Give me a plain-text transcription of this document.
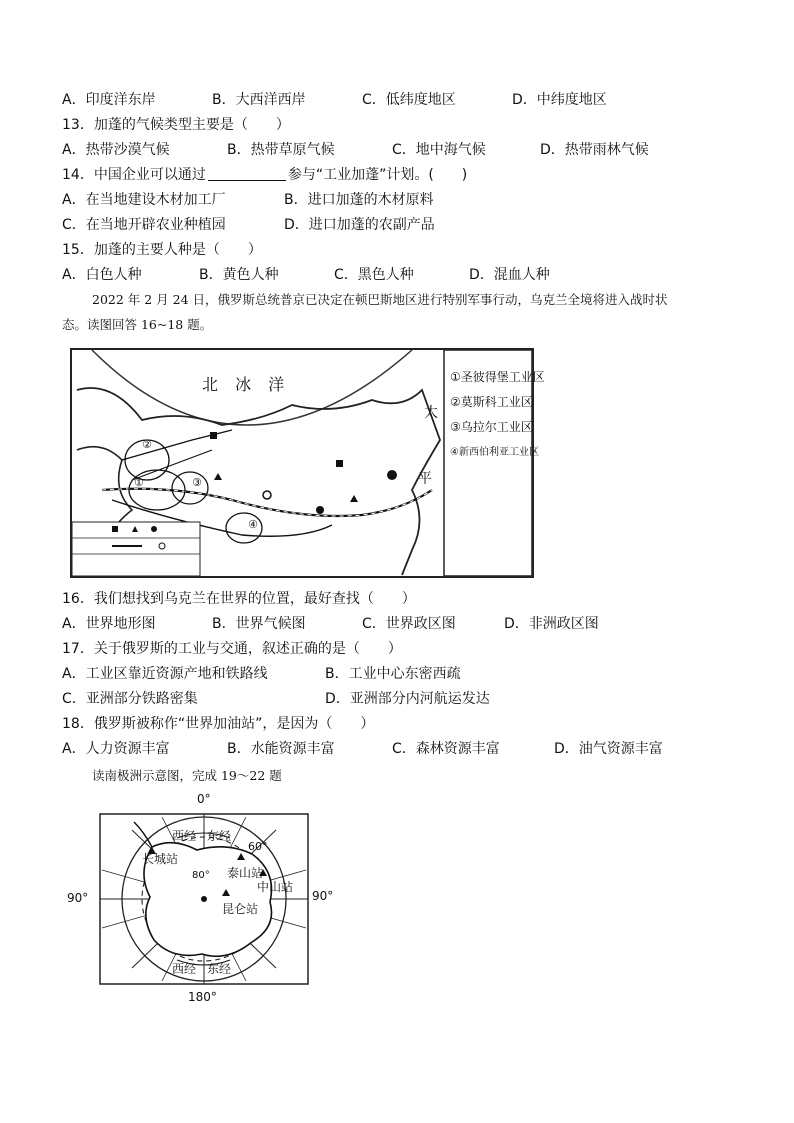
A．印度洋东岸	B．大西洋西岸	C．低纬度地区	D．中纬度地区
13．加蓬的气候类型主要是（　　）
A．热带沙漠气候	B．热带草原气候	C．地中海气候	D．热带雨林气候
14．中国企业可以通过	参与“工业加蓬”计划。(　　)
A．在当地建设木材加工厂	B．进口加蓬的木材原料
C．在当地开辟农业种植园	D．进口加蓬的农副产品
15．加蓬的主要人种是（　　）
A．白色人种	B．黄色人种	C．黑色人种	D．混血人种
2022 年 2 月 24 日，俄罗斯总统普京已决定在顿巴斯地区进行特别军事行动，乌克兰全境将进入战时状
态。读图回答 16~18 题。
北 冰 洋
太
平
②
①	③
④
①圣彼得堡工业区
②莫斯科工业区
③乌拉尔工业区
④新西伯利亚工业区
16．我们想找到乌克兰在世界的位置，最好查找（　　）
A．世界地形图	B．世界气候图	C．世界政区图	D．非洲政区图
17．关于俄罗斯的工业与交通，叙述正确的是（　　）
A．工业区靠近资源产地和铁路线	B．工业中心东密西疏
C．亚洲部分铁路密集	D．亚洲部分内河航运发达
18．俄罗斯被称作“世界加油站”，是因为（　　）
A．人力资源丰富	B．水能资源丰富	C．森林资源丰富	D．油气资源丰富
读南极洲示意图，完成 19～22 题
0°
180°
90°	90°
西经 东经
西经 东经
60°
80°
长城站
泰山站
中山站
昆仑站
